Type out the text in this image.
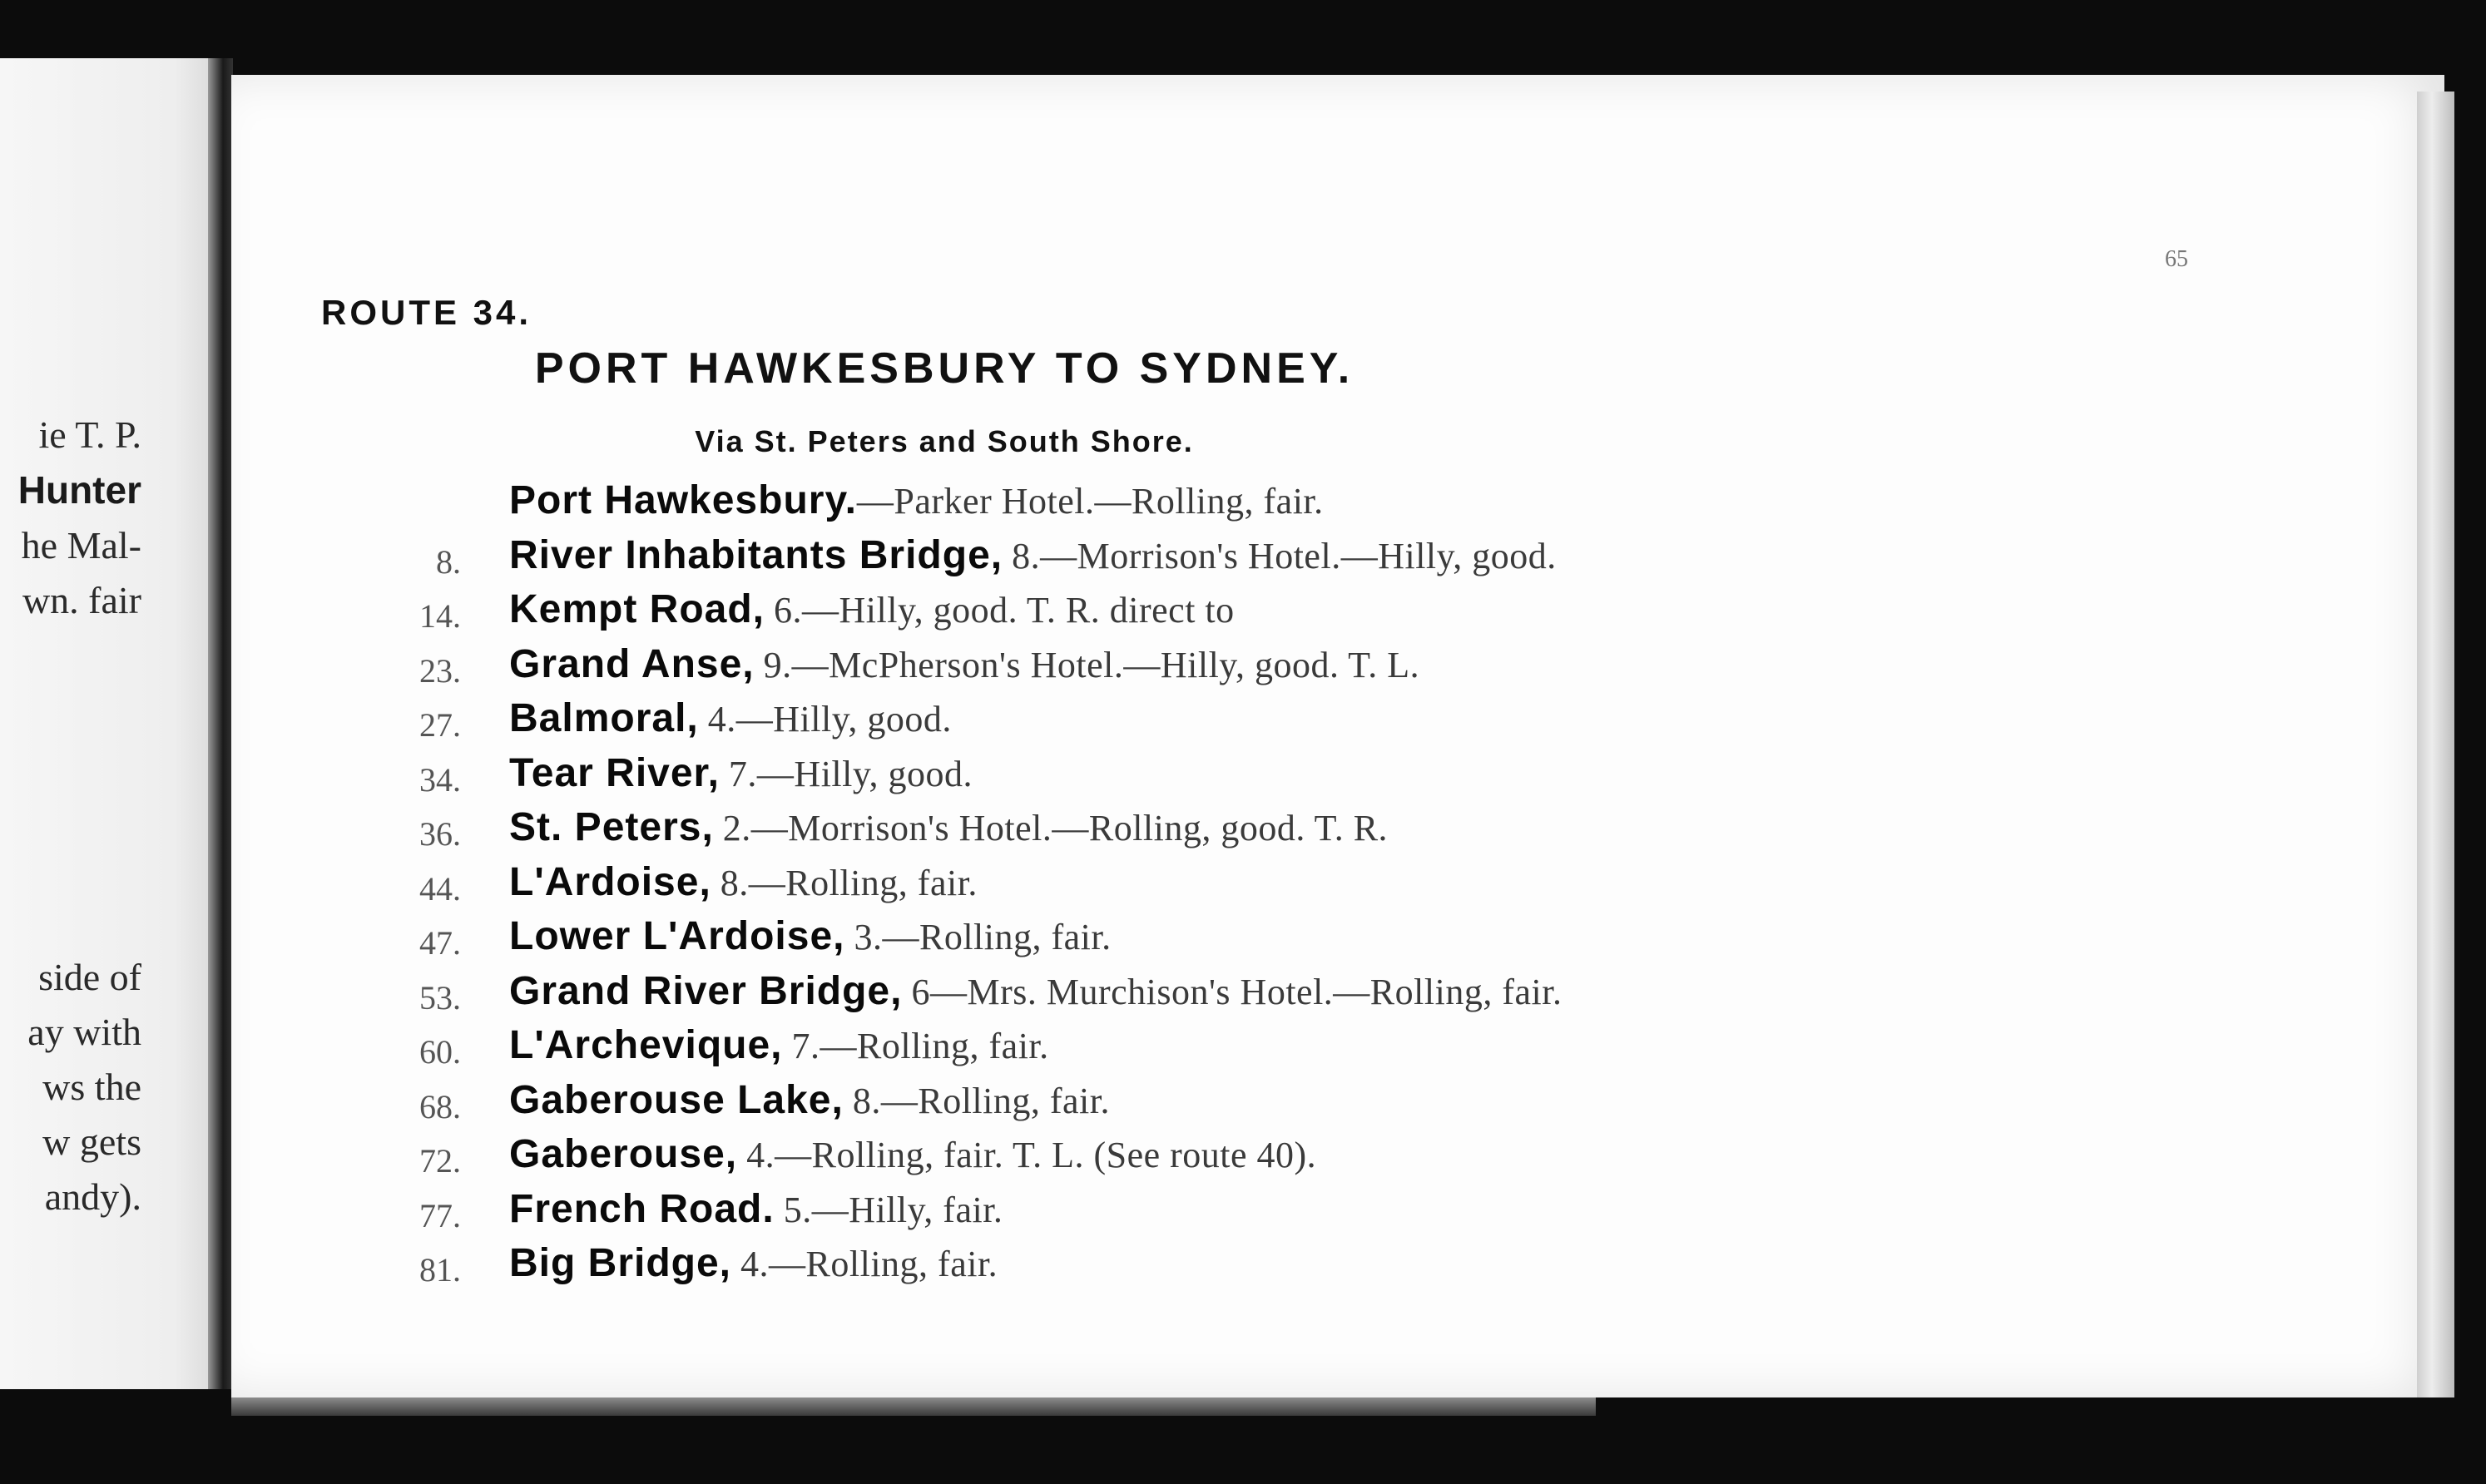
ie T. P.
Hunter
he Mal-
wn. fair
side of
ay with
ws the
w gets
andy).
65
ROUTE 34.
PORT HAWKESBURY TO SYDNEY.
Via St. Peters and South Shore.
Port Hawkesbury.—Parker Hotel.—Rolling, fair.
8. River Inhabitants Bridge, 8.—Morrison's Hotel.—Hilly, good.
14. Kempt Road, 6.—Hilly, good. T. R. direct to
23. Grand Anse, 9.—McPherson's Hotel.—Hilly, good. T. L.
27. Balmoral, 4.—Hilly, good.
34. Tear River, 7.—Hilly, good.
36. St. Peters, 2.—Morrison's Hotel.—Rolling, good. T. R.
44. L'Ardoise, 8.—Rolling, fair.
47. Lower L'Ardoise, 3.—Rolling, fair.
53. Grand River Bridge, 6—Mrs. Murchison's Hotel.—Rolling, fair.
60. L'Archevique, 7.—Rolling, fair.
68. Gaberouse Lake, 8.—Rolling, fair.
72. Gaberouse, 4.—Rolling, fair. T. L. (See route 40).
77. French Road. 5.—Hilly, fair.
81. Big Bridge, 4.—Rolling, fair.
